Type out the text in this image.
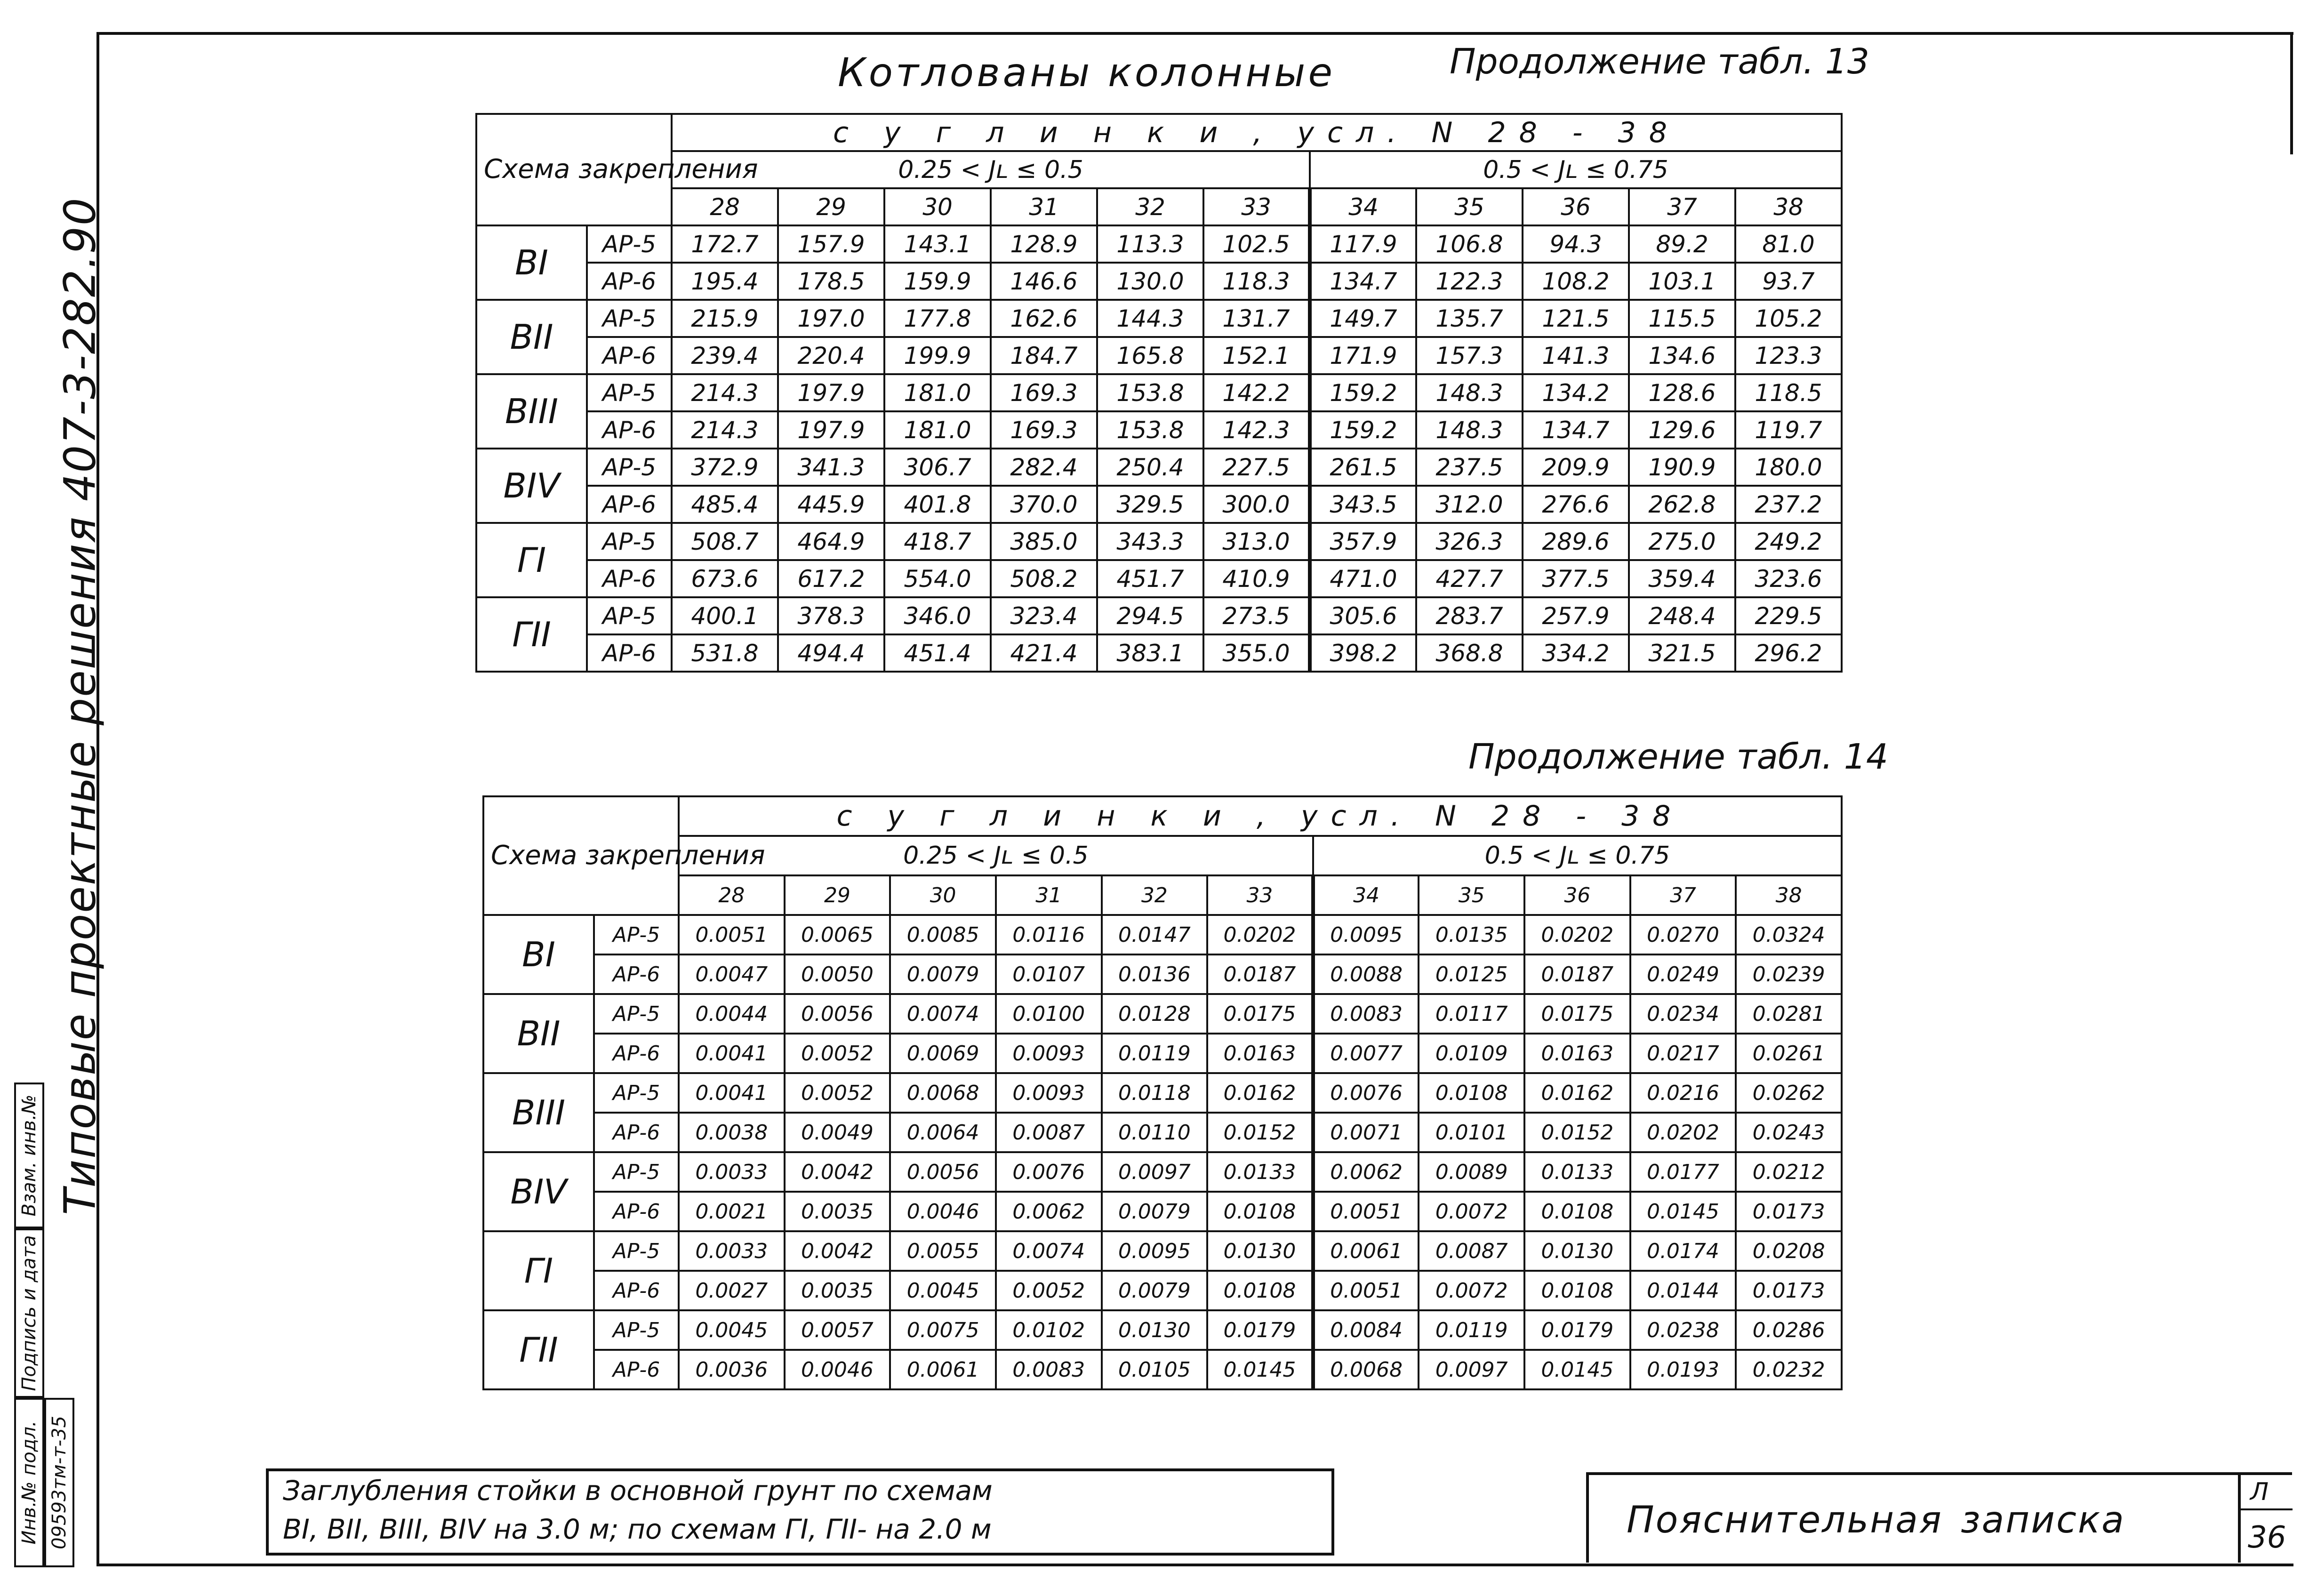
Типовые проектные решения 407-3-282.90
Взам. инв.№
Подпись и дата
Инв.№ подл. 09593тм-т-35
Котлованы колонные	Продолжение табл. 13
Схема закрепления		с у г л и н к и , усл. N 28 - 38										
		0.25 < Jʟ ≤ 0.5						0.5 < Jʟ ≤ 0.75				
		28	29	30	31	32	33	34	35	36	37	38
ВI	АР-5	172.7	157.9	143.1	128.9	113.3	102.5	117.9	106.8	94.3	89.2	81.0
	АР-6	195.4	178.5	159.9	146.6	130.0	118.3	134.7	122.3	108.2	103.1	93.7
ВII	АР-5	215.9	197.0	177.8	162.6	144.3	131.7	149.7	135.7	121.5	115.5	105.2
	АР-6	239.4	220.4	199.9	184.7	165.8	152.1	171.9	157.3	141.3	134.6	123.3
ВIII	АР-5	214.3	197.9	181.0	169.3	153.8	142.2	159.2	148.3	134.2	128.6	118.5
	АР-6	214.3	197.9	181.0	169.3	153.8	142.3	159.2	148.3	134.7	129.6	119.7
ВIV	АР-5	372.9	341.3	306.7	282.4	250.4	227.5	261.5	237.5	209.9	190.9	180.0
	АР-6	485.4	445.9	401.8	370.0	329.5	300.0	343.5	312.0	276.6	262.8	237.2
ГI	АР-5	508.7	464.9	418.7	385.0	343.3	313.0	357.9	326.3	289.6	275.0	249.2
	АР-6	673.6	617.2	554.0	508.2	451.7	410.9	471.0	427.7	377.5	359.4	323.6
ГII	АР-5	400.1	378.3	346.0	323.4	294.5	273.5	305.6	283.7	257.9	248.4	229.5
	АР-6	531.8	494.4	451.4	421.4	383.1	355.0	398.2	368.8	334.2	321.5	296.2
Продолжение табл. 14
Схема закрепления		с у г л и н к и , усл. N 28 - 38										
		0.25 < Jʟ ≤ 0.5						0.5 < Jʟ ≤ 0.75				
		28	29	30	31	32	33	34	35	36	37	38
ВI	АР-5	0.0051	0.0065	0.0085	0.0116	0.0147	0.0202	0.0095	0.0135	0.0202	0.0270	0.0324
	АР-6	0.0047	0.0050	0.0079	0.0107	0.0136	0.0187	0.0088	0.0125	0.0187	0.0249	0.0239
ВII	АР-5	0.0044	0.0056	0.0074	0.0100	0.0128	0.0175	0.0083	0.0117	0.0175	0.0234	0.0281
	АР-6	0.0041	0.0052	0.0069	0.0093	0.0119	0.0163	0.0077	0.0109	0.0163	0.0217	0.0261
ВIII	АР-5	0.0041	0.0052	0.0068	0.0093	0.0118	0.0162	0.0076	0.0108	0.0162	0.0216	0.0262
	АР-6	0.0038	0.0049	0.0064	0.0087	0.0110	0.0152	0.0071	0.0101	0.0152	0.0202	0.0243
ВIV	АР-5	0.0033	0.0042	0.0056	0.0076	0.0097	0.0133	0.0062	0.0089	0.0133	0.0177	0.0212
	АР-6	0.0021	0.0035	0.0046	0.0062	0.0079	0.0108	0.0051	0.0072	0.0108	0.0145	0.0173
ГI	АР-5	0.0033	0.0042	0.0055	0.0074	0.0095	0.0130	0.0061	0.0087	0.0130	0.0174	0.0208
	АР-6	0.0027	0.0035	0.0045	0.0052	0.0079	0.0108	0.0051	0.0072	0.0108	0.0144	0.0173
ГII	АР-5	0.0045	0.0057	0.0075	0.0102	0.0130	0.0179	0.0084	0.0119	0.0179	0.0238	0.0286
	АР-6	0.0036	0.0046	0.0061	0.0083	0.0105	0.0145	0.0068	0.0097	0.0145	0.0193	0.0232
Заглубления стойки в основной грунт по схемам
ВI, ВII, ВIII, ВIV на 3.0 м; по схемам ГI, ГII- на 2.0 м	Пояснительная записка
Л
36
